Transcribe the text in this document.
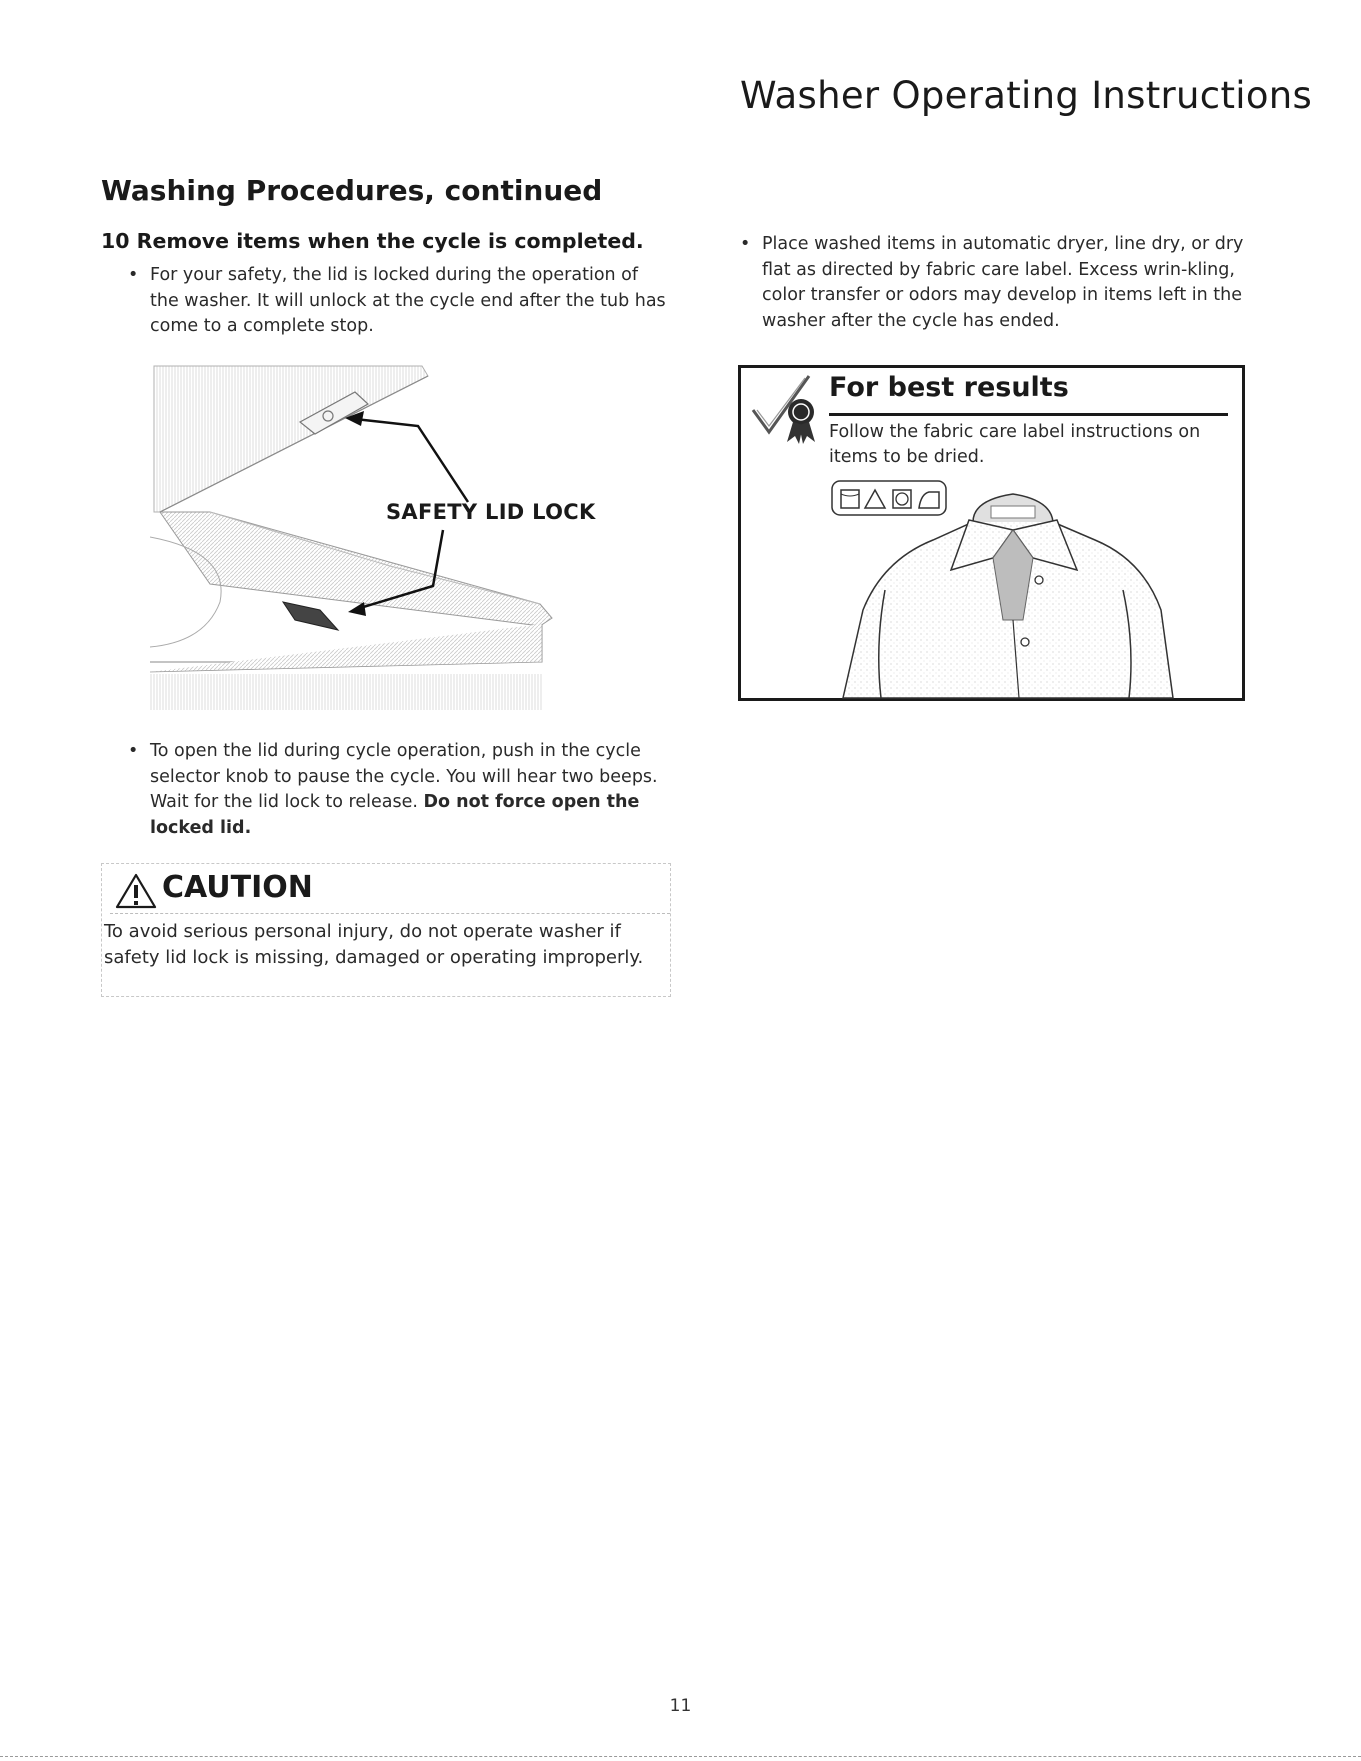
Washer Operating Instructions
Washing Procedures, continued
10 Remove items when the cycle is completed.
• For your safety, the lid is locked during the operation of the washer. It will unlock at the cycle end after the tub has come to a complete stop.
SAFETY LID LOCK
• To open the lid during cycle operation, push in the cycle selector knob to pause the cycle. You will hear two beeps. Wait for the lid lock to release. Do not force open the locked lid.
CAUTION
To avoid serious personal injury, do not operate washer if safety lid lock is missing, damaged or operating improperly.
• Place washed items in automatic dryer, line dry, or dry flat as directed by fabric care label. Excess wrin-kling, color transfer or odors may develop in items left in the washer after the cycle has ended.
For best results
Follow the fabric care label instructions on items to be dried.
11
